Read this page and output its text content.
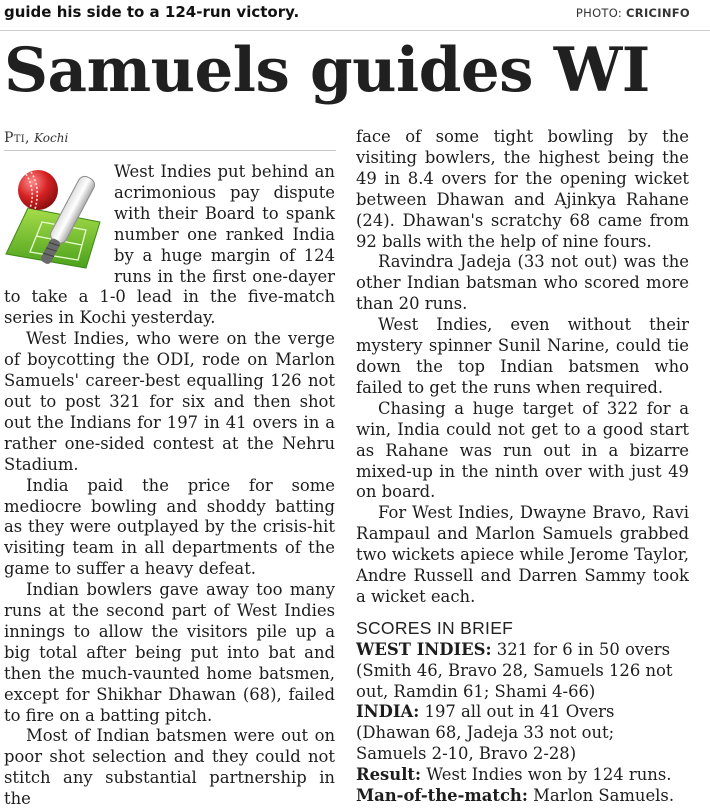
guide his side to a 124-run victory.	PHOTO: CRICINFO
Samuels guides WI
Pti, Kochi

West Indies put behind an acrimonious pay dispute with their Board to spank number one ranked India by a huge margin of 124 runs in the first one-dayer to take a 1-0 lead in the five-match series in Kochi yesterday.

West Indies, who were on the verge of boycotting the ODI, rode on Marlon Samuels' career-best equalling 126 not out to post 321 for six and then shot out the Indians for 197 in 41 overs in a rather one-sided contest at the Nehru Stadium.

India paid the price for some mediocre bowling and shoddy batting as they were outplayed by the crisis-hit visiting team in all departments of the game to suffer a heavy defeat.

Indian bowlers gave away too many runs at the second part of West Indies innings to allow the visitors pile up a big total after being put into bat and then the much-vaunted home batsmen, except for Shikhar Dhawan (68), failed to fire on a batting pitch.

Most of Indian batsmen were out on poor shot selection and they could not stitch any substantial partnership in the

face of some tight bowling by the visiting bowlers, the highest being the 49 in 8.4 overs for the opening wicket between Dhawan and Ajinkya Rahane (24). Dhawan's scratchy 68 came from 92 balls with the help of nine fours.

Ravindra Jadeja (33 not out) was the other Indian batsman who scored more than 20 runs.

West Indies, even without their mystery spinner Sunil Narine, could tie down the top Indian batsmen who failed to get the runs when required.

Chasing a huge target of 322 for a win, India could not get to a good start as Rahane was run out in a bizarre mixed-up in the ninth over with just 49 on board.

For West Indies, Dwayne Bravo, Ravi Rampaul and Marlon Samuels grabbed two wickets apiece while Jerome Taylor, Andre Russell and Darren Sammy took a wicket each.

SCORES IN BRIEF

WEST INDIES: 321 for 6 in 50 overs (Smith 46, Bravo 28, Samuels 126 not out, Ramdin 61; Shami 4-66)

INDIA: 197 all out in 41 Overs (Dhawan 68, Jadeja 33 not out; Samuels 2-10, Bravo 2-28)

Result: West Indies won by 124 runs.

Man-of-the-match: Marlon Samuels.
